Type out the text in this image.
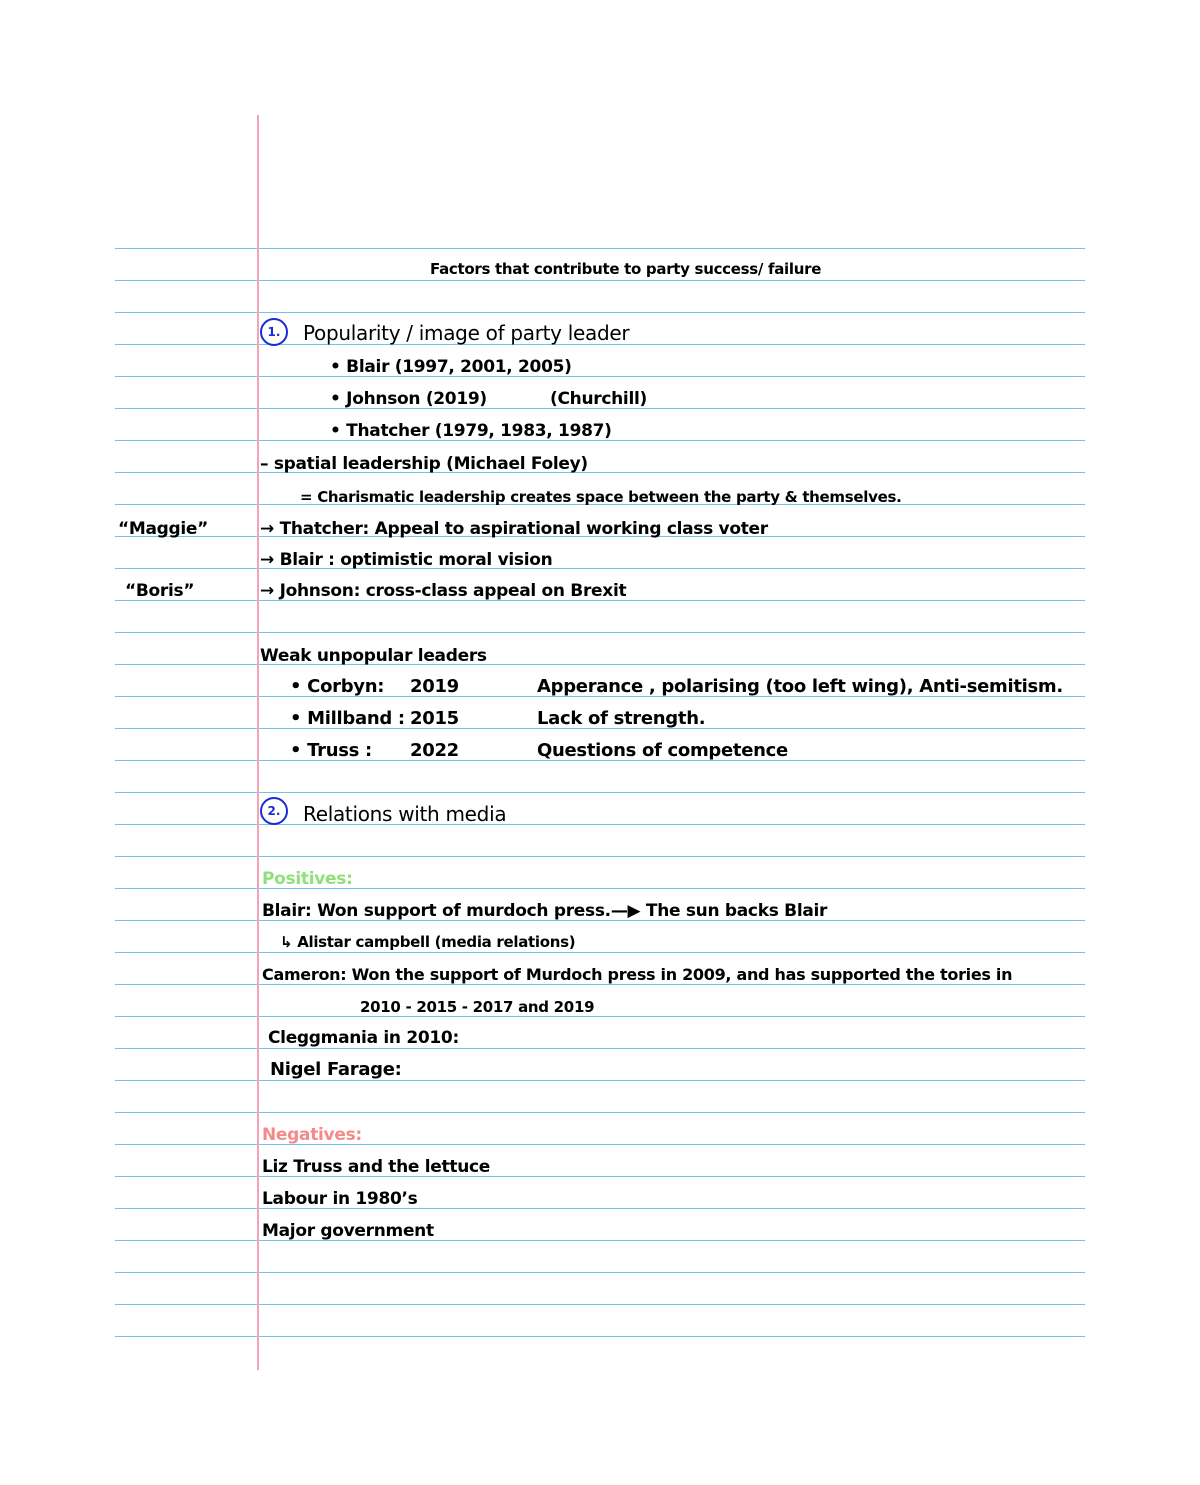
Factors that contribute to party success/ failure
1.	Popularity / image of party leader
• Blair (1997, 2001, 2005)
• Johnson (2019)	(Churchill)
• Thatcher (1979, 1983, 1987)
– spatial leadership (Michael Foley)
= Charismatic leadership creates space between the party & themselves.
“Maggie”	→ Thatcher: Appeal to aspirational working class voter
→ Blair : optimistic moral vision
“Boris”	→ Johnson: cross-class appeal on Brexit
Weak unpopular leaders
• Corbyn: 2019	Apperance , polarising (too left wing), Anti-semitism.
• Millband : 2015	Lack of strength.
• Truss : 2022	Questions of competence
2.	Relations with media
Positives:
Blair: Won support of murdoch press.—▶ The sun backs Blair
↳ Alistar campbell (media relations)
Cameron: Won the support of Murdoch press in 2009, and has supported the tories in
2010 - 2015 - 2017 and 2019
Cleggmania in 2010:
Nigel Farage:
Negatives:
Liz Truss and the lettuce
Labour in 1980’s
Major government
